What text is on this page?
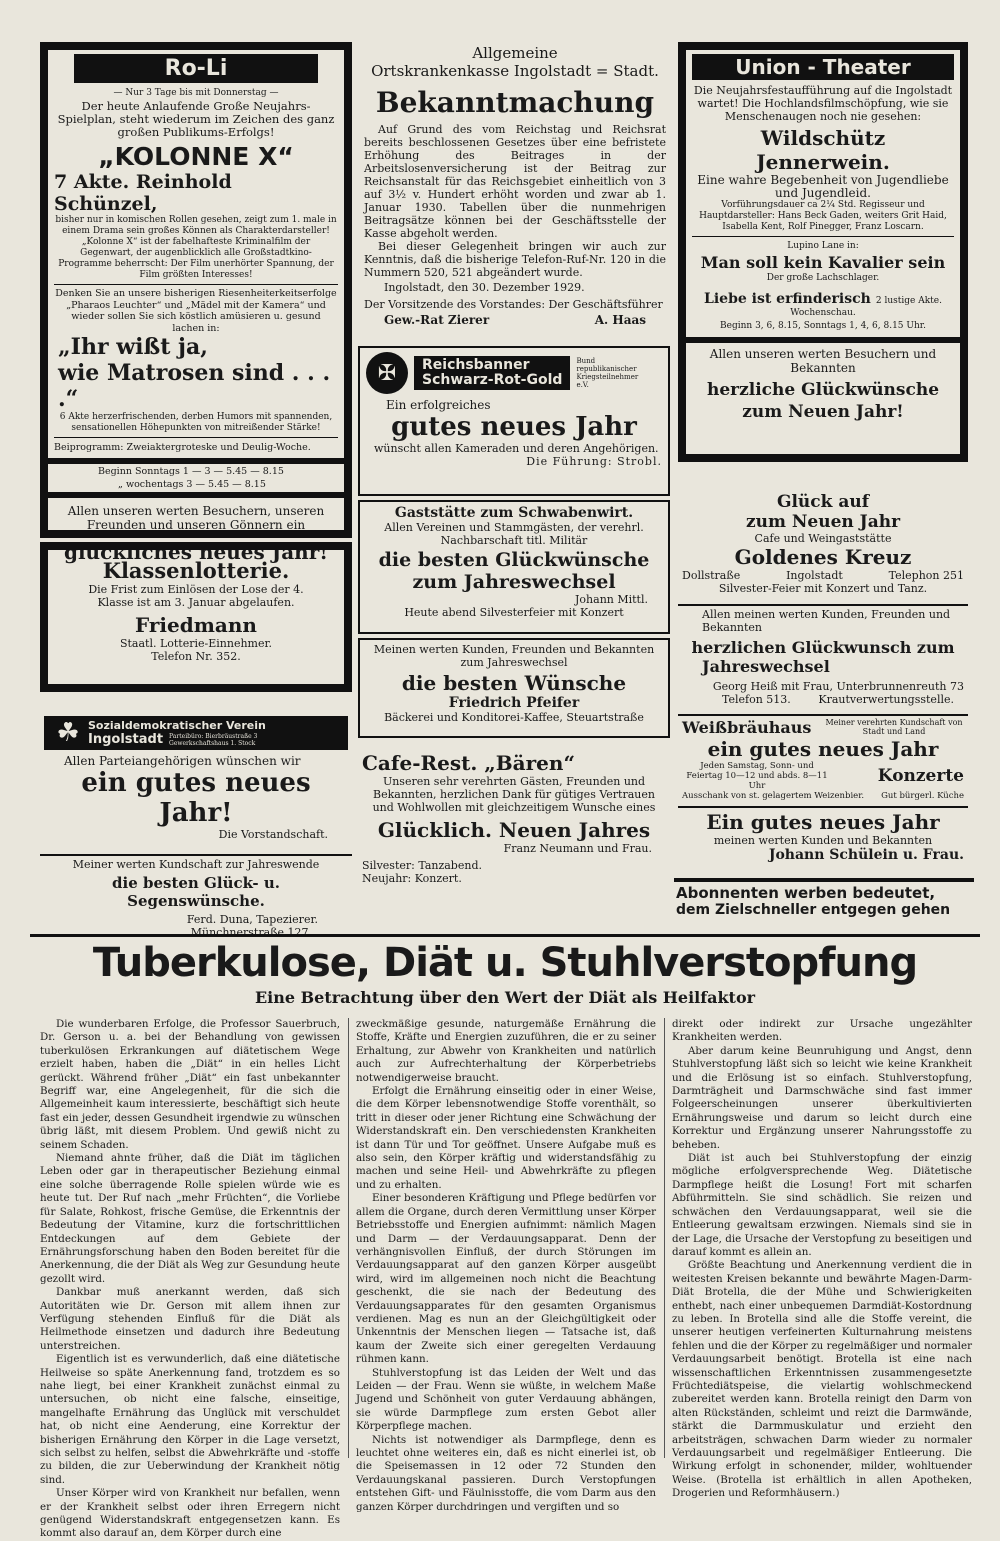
Ro-Li
— Nur 3 Tage bis mit Donnerstag —
Der heute Anlaufende Große Neujahrs-Spielplan, steht wiederum im Zeichen des ganz großen Publikums-Erfolgs!
„KOLONNE X“
7 Akte. Reinhold Schünzel,
bisher nur in komischen Rollen gesehen, zeigt zum 1. male in einem Drama sein großes Können als Charakterdarsteller! „Kolonne X“ ist der fabelhafteste Kriminalfilm der Gegenwart, der augenblicklich alle Großstadtkino-Programme beherrscht: Der Film unerhörter Spannung, der Film größten Interesses!
Denken Sie an unsere bisherigen Riesenheiterkeitserfolge „Pharaos Leuchter“ und „Mädel mit der Kamera“ und wieder sollen Sie sich köstlich amüsieren u. gesund lachen in:
„Ihr wißt ja,
wie Matrosen sind . . . .“
6 Akte herzerfrischenden, derben Humors mit spannenden, sensationellen Höhepunkten von mitreißender Stärke!
Beiprogramm: Zweiaktergroteske und Deulig-Woche.
Beginn Sonntags 1 — 3 — 5.45 — 8.15
„ wochentags 3 — 5.45 — 8.15
Allen unseren werten Besuchern, unseren Freunden und unseren Gönnern ein
glückliches neues Jahr!
Allgemeine
Ortskrankenkasse Ingolstadt = Stadt.
Bekanntmachung
Auf Grund des vom Reichstag und Reichsrat bereits beschlossenen Gesetzes über eine befristete Erhöhung des Beitrages in der Arbeitslosenversicherung ist der Beitrag zur Reichsanstalt für das Reichsgebiet einheitlich von 3 auf 3½ v. Hundert erhöht worden und zwar ab 1. Januar 1930. Tabellen über die nunmehrigen Beitragsätze können bei der Geschäftsstelle der Kasse abgeholt werden.
Bei dieser Gelegenheit bringen wir auch zur Kenntnis, daß die bisherige Telefon-Ruf-Nr. 120 in die Nummern 520, 521 abgeändert wurde.
Ingolstadt, den 30. Dezember 1929.
Der Vorsitzende des Vorstandes: Der Geschäftsführer
Gew.-Rat Zierer	A. Haas
✠	Reichsbanner
Schwarz-Rot-Gold
Bund republikanischer Kriegsteilnehmer e.V.
Ein erfolgreiches
gutes neues Jahr
wünscht allen Kameraden und deren Angehörigen.
Die Führung: Strobl.
Gaststätte zum Schwabenwirt.
Allen Vereinen und Stammgästen, der verehrl. Nachbarschaft titl. Militär
die besten Glückwünsche
zum Jahreswechsel
Johann Mittl.
Heute abend Silvesterfeier mit Konzert
Meinen werten Kunden, Freunden und Bekannten zum Jahreswechsel
die besten Wünsche
Friedrich Pfeifer
Bäckerei und Konditorei-Kaffee, Steuartstraße
Cafe-Rest. „Bären“
Unseren sehr verehrten Gästen, Freunden und Bekannten, herzlichen Dank für gütiges Vertrauen und Wohlwollen mit gleichzeitigem Wunsche eines
Glücklich. Neuen Jahres
Franz Neumann und Frau.
Silvester: Tanzabend.
Neujahr: Konzert.
Klassenlotterie.
Die Frist zum Einlösen der Lose der 4. Klasse ist am 3. Januar abgelaufen.
Friedmann
Staatl. Lotterie-Einnehmer.
Telefon Nr. 352.
☘ Sozialdemokratischer Verein
Ingolstadt Parteibüro: Bierbräustraße 3 Gewerkschaftshaus 1. Stock
Allen Parteiangehörigen wünschen wir
ein gutes neues Jahr!
Die Vorstandschaft.
Meiner werten Kundschaft zur Jahreswende
die besten Glück- u. Segenswünsche.
Ferd. Duna, Tapezierer.
Münchnerstraße 127.
Union - Theater
Die Neujahrsfestaufführung auf die Ingolstadt wartet! Die Hochlandsfilmschöpfung, wie sie Menschenaugen noch nie gesehen:
Wildschütz Jennerwein.
Eine wahre Begebenheit von Jugendliebe und Jugendleid.
Vorführungsdauer ca 2¼ Std. Regisseur und Hauptdarsteller: Hans Beck Gaden, weiters Grit Haid, Isabella Kent, Rolf Pinegger, Franz Loscarn.
Lupino Lane in:
Man soll kein Kavalier sein
Der große Lachschlager.
Liebe ist erfinderisch 2 lustige Akte.
Wochenschau.
Beginn 3, 6, 8.15, Sonntags 1, 4, 6, 8.15 Uhr.
Allen unseren werten Besuchern und Bekannten
herzliche Glückwünsche zum Neuen Jahr!
Glück auf
zum Neuen Jahr
Cafe und Weingaststätte
Goldenes Kreuz
Dollstraße	Ingolstadt	Telephon 251
Silvester-Feier mit Konzert und Tanz.
Allen meinen werten Kunden, Freunden und Bekannten
herzlichen Glückwunsch zum
Jahreswechsel
Georg Heiß mit Frau, Unterbrunnenreuth 73
Telefon 513.	Krautverwertungsstelle.
Weißbräuhaus Meiner verehrten Kundschaft von Stadt und Land
ein gutes neues Jahr
Jeden Samstag, Sonn- und Feiertag 10—12 und abds. 8—11 Uhr	Konzerte
Ausschank von st. gelagertem Weizenbier. Gut bürgerl. Küche
Ein gutes neues Jahr
meinen werten Kunden und Bekannten
Johann Schülein u. Frau.
Abonnenten werben bedeutet,
dem Zielschneller entgegen gehen
Tuberkulose, Diät u. Stuhlverstopfung
Eine Betrachtung über den Wert der Diät als Heilfaktor

Die wunderbaren Erfolge, die Professor Sauerbruch, Dr. Gerson u. a. bei der Behandlung von gewissen tuberkulösen Erkrankungen auf diätetischem Wege erzielt haben, haben die „Diät“ in ein helles Licht gerückt. Während früher „Diät“ ein fast unbekannter Begriff war, eine Angelegenheit, für die sich die Allgemeinheit kaum interessierte, beschäftigt sich heute fast ein jeder, dessen Gesundheit irgendwie zu wünschen übrig läßt, mit diesem Problem. Und gewiß nicht zu seinem Schaden.

Niemand ahnte früher, daß die Diät im täglichen Leben oder gar in therapeutischer Beziehung einmal eine solche überragende Rolle spielen würde wie es heute tut. Der Ruf nach „mehr Früchten“, die Vorliebe für Salate, Rohkost, frische Gemüse, die Erkenntnis der Bedeutung der Vitamine, kurz die fortschrittlichen Entdeckungen auf dem Gebiete der Ernährungsforschung haben den Boden bereitet für die Anerkennung, die der Diät als Weg zur Gesundung heute gezollt wird.

Dankbar muß anerkannt werden, daß sich Autoritäten wie Dr. Gerson mit allem ihnen zur Verfügung stehenden Einfluß für die Diät als Heilmethode einsetzen und dadurch ihre Bedeutung unterstreichen.

Eigentlich ist es verwunderlich, daß eine diätetische Heilweise so späte Anerkennung fand, trotzdem es so nahe liegt, bei einer Krankheit zunächst einmal zu untersuchen, ob nicht eine falsche, einseitige, mangelhafte Ernährung das Unglück mit verschuldet hat, ob nicht eine Aenderung, eine Korrektur der bisherigen Ernährung den Körper in die Lage versetzt, sich selbst zu helfen, selbst die Abwehrkräfte und -stoffe zu bilden, die zur Ueberwindung der Krankheit nötig sind.

Unser Körper wird von Krankheit nur befallen, wenn er der Krankheit selbst oder ihren Erregern nicht genügend Widerstandskraft entgegensetzen kann. Es kommt also darauf an, dem Körper durch eine

zweckmäßige gesunde, naturgemäße Ernährung die Stoffe, Kräfte und Energien zuzuführen, die er zu seiner Erhaltung, zur Abwehr von Krankheiten und natürlich auch zur Aufrechterhaltung der Körperbetriebs notwendigerweise braucht.

Erfolgt die Ernährung einseitig oder in einer Weise, die dem Körper lebensnotwendige Stoffe vorenthält, so tritt in dieser oder jener Richtung eine Schwächung der Widerstandskraft ein. Den verschiedensten Krankheiten ist dann Tür und Tor geöffnet. Unsere Aufgabe muß es also sein, den Körper kräftig und widerstandsfähig zu machen und seine Heil- und Abwehrkräfte zu pflegen und zu erhalten.

Einer besonderen Kräftigung und Pflege bedürfen vor allem die Organe, durch deren Vermittlung unser Körper Betriebsstoffe und Energien aufnimmt: nämlich Magen und Darm — der Verdauungsapparat. Denn der verhängnisvollen Einfluß, der durch Störungen im Verdauungsapparat auf den ganzen Körper ausgeübt wird, wird im allgemeinen noch nicht die Beachtung geschenkt, die sie nach der Bedeutung des Verdauungsapparates für den gesamten Organismus verdienen. Mag es nun an der Gleichgültigkeit oder Unkenntnis der Menschen liegen — Tatsache ist, daß kaum der Zweite sich einer geregelten Verdauung rühmen kann.

Stuhlverstopfung ist das Leiden der Welt und das Leiden — der Frau. Wenn sie wüßte, in welchem Maße Jugend und Schönheit von guter Verdauung abhängen, sie würde Darmpflege zum ersten Gebot aller Körperpflege machen.

Nichts ist notwendiger als Darmpflege, denn es leuchtet ohne weiteres ein, daß es nicht einerlei ist, ob die Speisemassen in 12 oder 72 Stunden den Verdauungskanal passieren. Durch Verstopfungen entstehen Gift- und Fäulnisstoffe, die vom Darm aus den ganzen Körper durchdringen und vergiften und so

direkt oder indirekt zur Ursache ungezählter Krankheiten werden.

Aber darum keine Beunruhigung und Angst, denn Stuhlverstopfung läßt sich so leicht wie keine Krankheit und die Erlösung ist so einfach. Stuhlverstopfung, Darmträgheit und Darmschwäche sind fast immer Folgeerscheinungen unserer überkultivierten Ernährungsweise und darum so leicht durch eine Korrektur und Ergänzung unserer Nahrungsstoffe zu beheben.

Diät ist auch bei Stuhlverstopfung der einzig mögliche erfolgversprechende Weg. Diätetische Darmpflege heißt die Losung! Fort mit scharfen Abführmitteln. Sie sind schädlich. Sie reizen und schwächen den Verdauungsapparat, weil sie die Entleerung gewaltsam erzwingen. Niemals sind sie in der Lage, die Ursache der Verstopfung zu beseitigen und darauf kommt es allein an.

Größte Beachtung und Anerkennung verdient die in weitesten Kreisen bekannte und bewährte Magen-Darm-Diät Brotella, die der Mühe und Schwierigkeiten enthebt, nach einer unbequemen Darmdiät-Kostordnung zu leben. In Brotella sind alle die Stoffe vereint, die unserer heutigen verfeinerten Kulturnahrung meistens fehlen und die der Körper zu regelmäßiger und normaler Verdauungsarbeit benötigt. Brotella ist eine nach wissenschaftlichen Erkenntnissen zusammengesetzte Früchtediätspeise, die vielartig wohlschmeckend zubereitet werden kann. Brotella reinigt den Darm von alten Rückständen, schleimt und reizt die Darmwände, stärkt die Darmmuskulatur und erzieht den arbeitsträgen, schwachen Darm wieder zu normaler Verdauungsarbeit und regelmäßiger Entleerung. Die Wirkung erfolgt in schonender, milder, wohltuender Weise. (Brotella ist erhältlich in allen Apotheken, Drogerien und Reformhäusern.)
